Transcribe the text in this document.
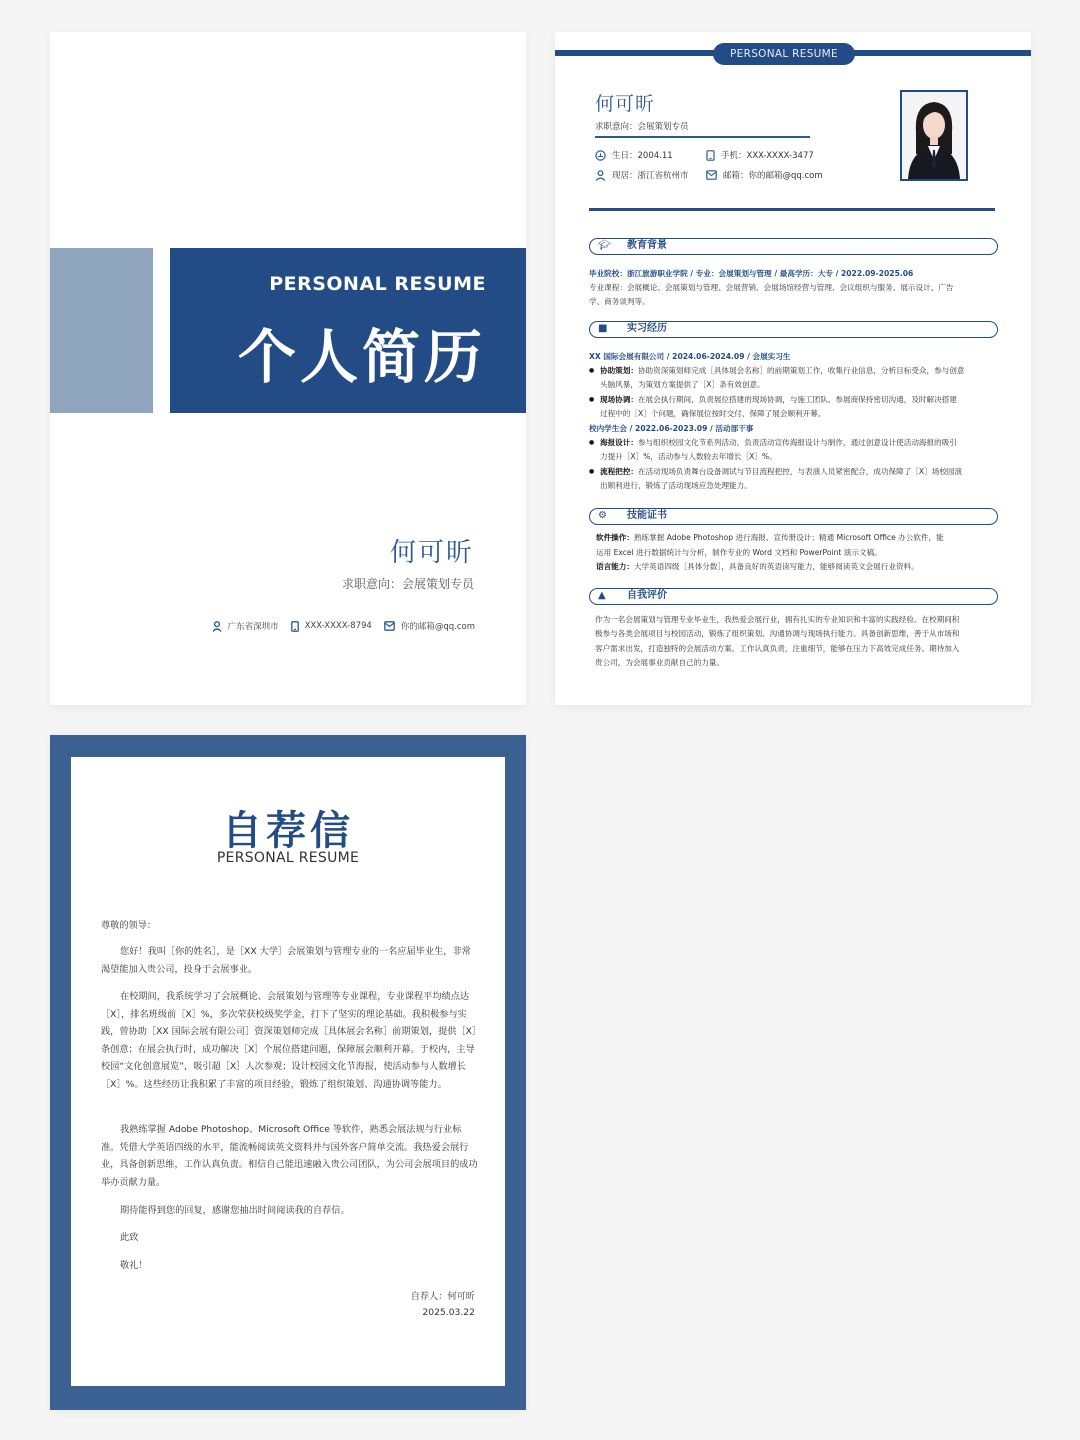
PERSONAL RESUME
个人简历
何可昕
求职意向：会展策划专员
广东省深圳市	XXX-XXXX-8794	你的邮箱@qq.com
PERSONAL RESUME
何可昕
求职意向：会展策划专员
生日：2004.11
现居：浙江省杭州市
手机：XXX-XXXX-3477
邮箱：你的邮箱@qq.com
🎓︎ 教育背景
毕业院校：浙江旅游职业学院 / 专业：会展策划与管理 / 最高学历：大专 / 2022.09-2025.06
专业课程：会展概论、会展策划与管理、会展营销、会展场馆经营与管理、会议组织与服务、展示设计、广告
学、商务谈判等。
■ 实习经历
XX 国际会展有限公司 / 2024.06-2024.09 / 会展实习生
● 协助策划：协助资深策划师完成［具体展会名称］的前期策划工作，收集行业信息，分析目标受众，参与创意
头脑风暴，为策划方案提供了［X］条有效创意。
● 现场协调：在展会执行期间，负责展位搭建的现场协调，与施工团队、参展商保持密切沟通，及时解决搭建
过程中的［X］个问题，确保展位按时交付，保障了展会顺利开幕。
校内学生会 / 2022.06-2023.09 / 活动部干事
● 海报设计：参与组织校园文化节系列活动，负责活动宣传海报设计与制作，通过创意设计使活动海报的吸引
力提升［X］%，活动参与人数较去年增长［X］%。
● 流程把控：在活动现场负责舞台设备调试与节目流程把控，与表演人员紧密配合，成功保障了［X］场校园演
出顺利进行，锻炼了活动现场应急处理能力。
⚙ 技能证书
软件操作：熟练掌握 Adobe Photoshop 进行海报、宣传册设计；精通 Microsoft Office 办公软件，能
运用 Excel 进行数据统计与分析，制作专业的 Word 文档和 PowerPoint 演示文稿。
语言能力：大学英语四级［具体分数］，具备良好的英语读写能力，能够阅读英文会展行业资料。
▲ 自我评价
作为一名会展策划与管理专业毕业生，我热爱会展行业，拥有扎实的专业知识和丰富的实践经验。在校期间积
极参与各类会展项目与校园活动，锻炼了组织策划、沟通协调与现场执行能力。具备创新思维，善于从市场和
客户需求出发，打造独特的会展活动方案。工作认真负责，注重细节，能够在压力下高效完成任务。期待加入
贵公司，为会展事业贡献自己的力量。
自荐信
PERSONAL RESUME
尊敬的领导：
您好！我叫［你的姓名］，是［XX 大学］会展策划与管理专业的一名应届毕业生，非常渴望能加入贵公司，投身于会展事业。
在校期间，我系统学习了会展概论、会展策划与管理等专业课程，专业课程平均绩点达［X］，排名班级前［X］%，多次荣获校级奖学金，打下了坚实的理论基础。我积极参与实践，曾协助［XX 国际会展有限公司］资深策划师完成［具体展会名称］前期策划，提供［X］条创意；在展会执行时，成功解决［X］个展位搭建问题，保障展会顺利开幕。于校内，主导校园“文化创意展览”，吸引超［X］人次参观；设计校园文化节海报，使活动参与人数增长［X］%。这些经历让我积累了丰富的项目经验，锻炼了组织策划、沟通协调等能力。
我熟练掌握 Adobe Photoshop、Microsoft Office 等软件，熟悉会展法规与行业标准。凭借大学英语四级的水平，能流畅阅读英文资料并与国外客户简单交流。我热爱会展行业，具备创新思维，工作认真负责。相信自己能迅速融入贵公司团队，为公司会展项目的成功举办贡献力量。
期待能得到您的回复，感谢您抽出时间阅读我的自荐信。
此致
敬礼！
自荐人：何可昕
2025.03.22
